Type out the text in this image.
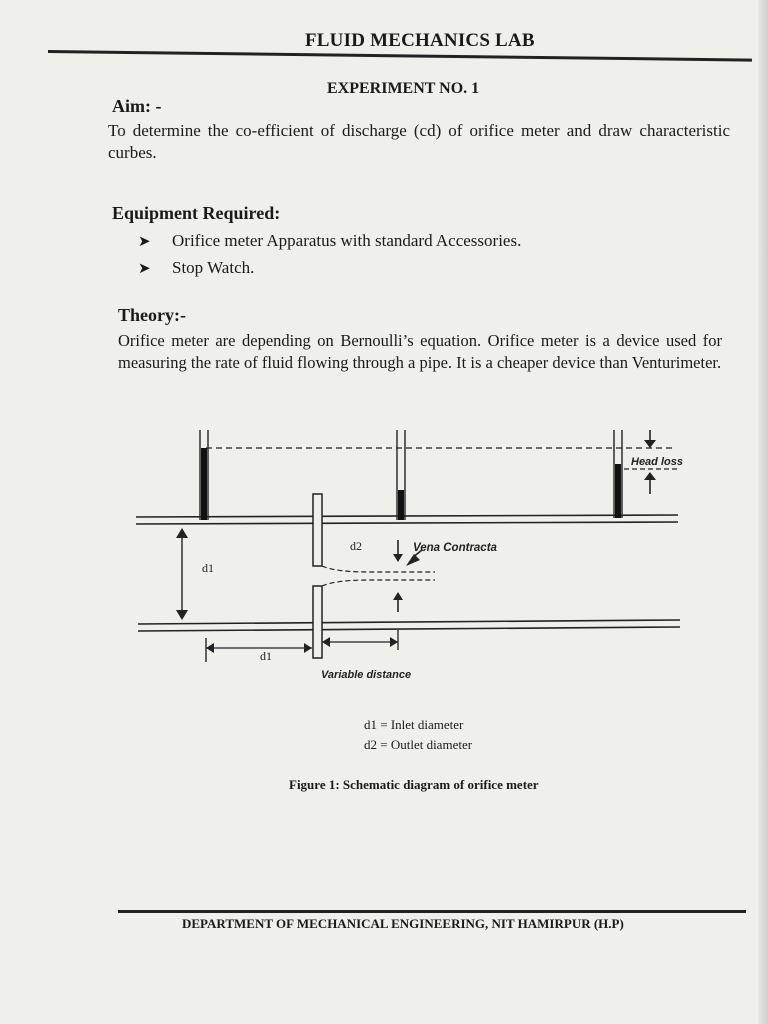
FLUID MECHANICS LAB
EXPERIMENT NO. 1
Aim: -

To determine the co-efficient of discharge (cd) of orifice meter and draw characteristic curbes.

Equipment Required:
➤	Orifice meter Apparatus with standard Accessories.
➤	Stop Watch.
Theory:-

Orifice meter are depending on Bernoulli’s equation. Orifice meter is a device used for measuring the rate of fluid flowing through a pipe. It is a cheaper device than Venturimeter.

Head loss
Vena Contracta
d2
d1
d1
Variable distance
d1 = Inlet diameter
d2 = Outlet diameter
Figure 1: Schematic diagram of orifice meter
DEPARTMENT OF MECHANICAL ENGINEERING, NIT HAMIRPUR (H.P)
